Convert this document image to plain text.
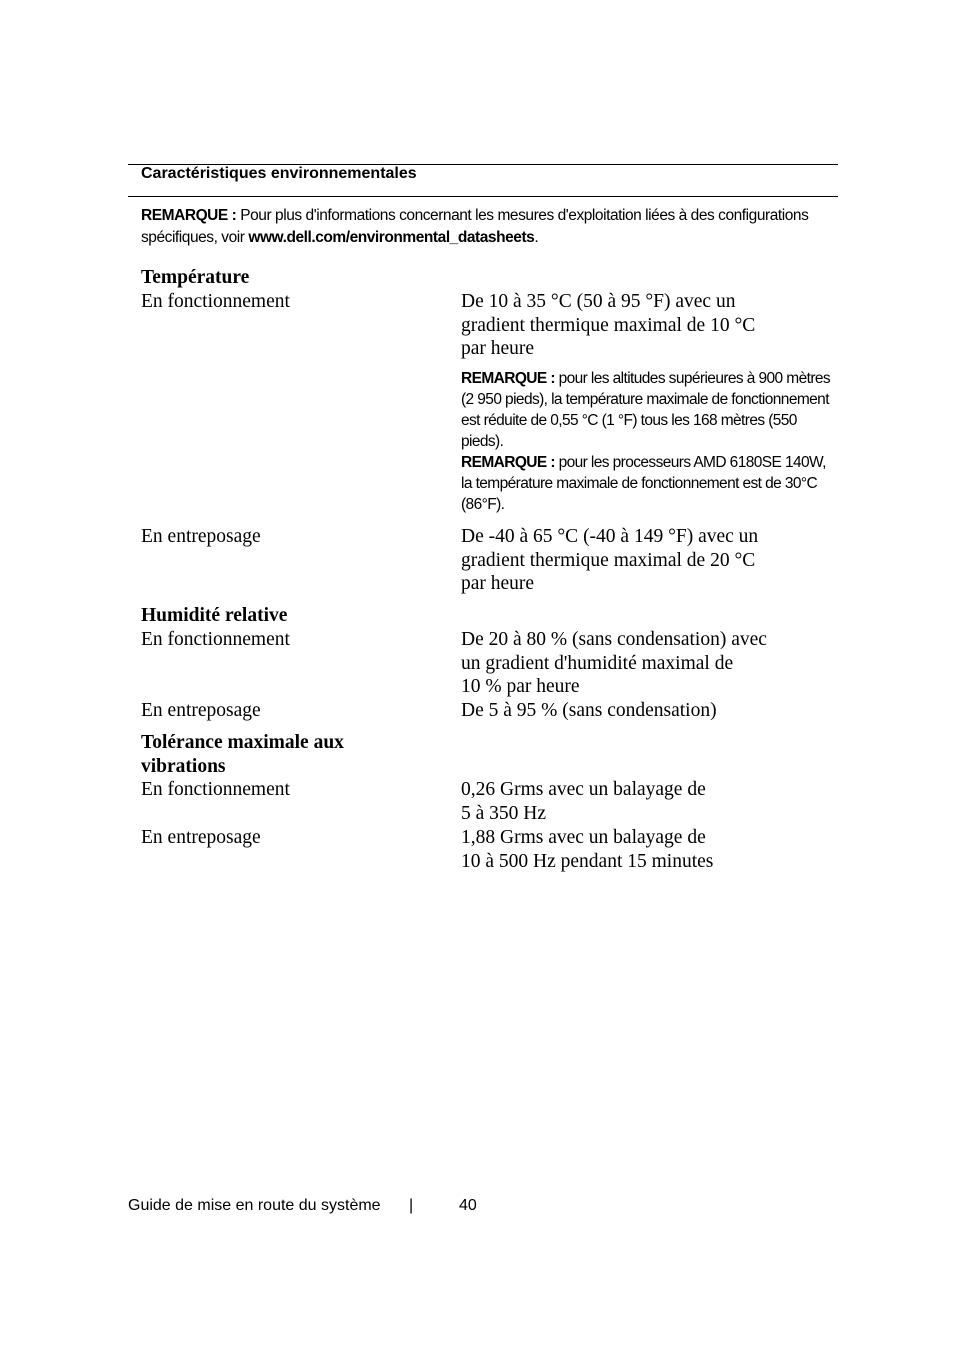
Caractéristiques environnementales
REMARQUE : Pour plus d'informations concernant les mesures d'exploitation liées à des configurations spécifiques, voir www.dell.com/environmental_datasheets.
Température
En fonctionnement	De 10 à 35 °C (50 à 95 °F) avec un
gradient thermique maximal de 10 °C
par heure
REMARQUE : pour les altitudes supérieures à 900 mètres (2 950 pieds), la température maximale de fonctionnement est réduite de 0,55 °C (1 °F) tous les 168 mètres (550 pieds).
REMARQUE : pour les processeurs AMD 6180SE 140W, la température maximale de fonctionnement est de 30°C (86°F).
En entreposage	De -40 à 65 °C (-40 à 149 °F) avec un
gradient thermique maximal de 20 °C
par heure
Humidité relative
En fonctionnement	De 20 à 80 % (sans condensation) avec
un gradient d'humidité maximal de
10 % par heure
En entreposage	De 5 à 95 % (sans condensation)
Tolérance maximale aux
vibrations
En fonctionnement	0,26 Grms avec un balayage de
5 à 350 Hz
En entreposage	1,88 Grms avec un balayage de
10 à 500 Hz pendant 15 minutes
Guide de mise en route du système |	40
